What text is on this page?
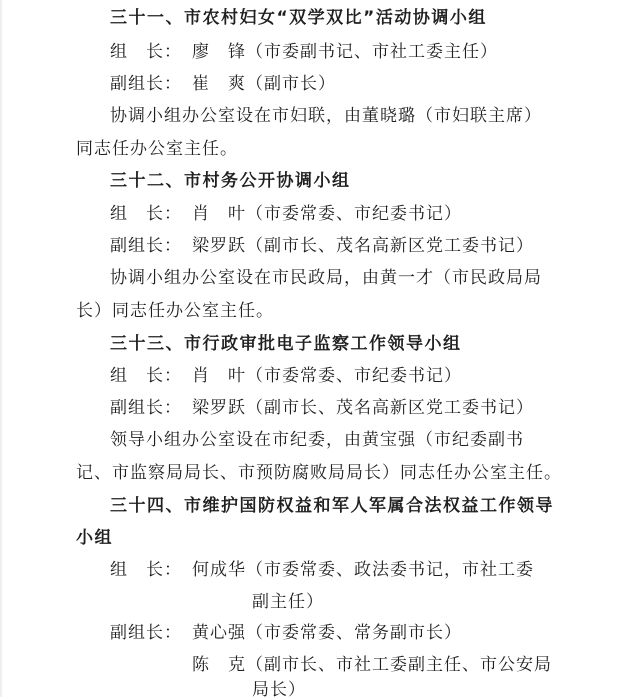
三十一、市农村妇女“双学双比”活动协调小组
组　长： 廖　锋（市委副书记、市社工委主任）
副组长： 崔　爽（副市长）
协调小组办公室设在市妇联，由董晓璐（市妇联主席）
同志任办公室主任。
三十二、市村务公开协调小组
组　长： 肖　叶（市委常委、市纪委书记）
副组长： 梁罗跃（副市长、茂名高新区党工委书记）
协调小组办公室设在市民政局，由黄一才（市民政局局
长）同志任办公室主任。
三十三、市行政审批电子监察工作领导小组
组　长： 肖　叶（市委常委、市纪委书记）
副组长： 梁罗跃（副市长、茂名高新区党工委书记）
领导小组办公室设在市纪委，由黄宝强（市纪委副书
记、市监察局局长、市预防腐败局局长）同志任办公室主任。
三十四、市维护国防权益和军人军属合法权益工作领导
小组
组　长： 何成华（市委常委、政法委书记，市社工委
副主任）
副组长： 黄心强（市委常委、常务副市长）
陈　克（副市长、市社工委副主任、市公安局
局长）
